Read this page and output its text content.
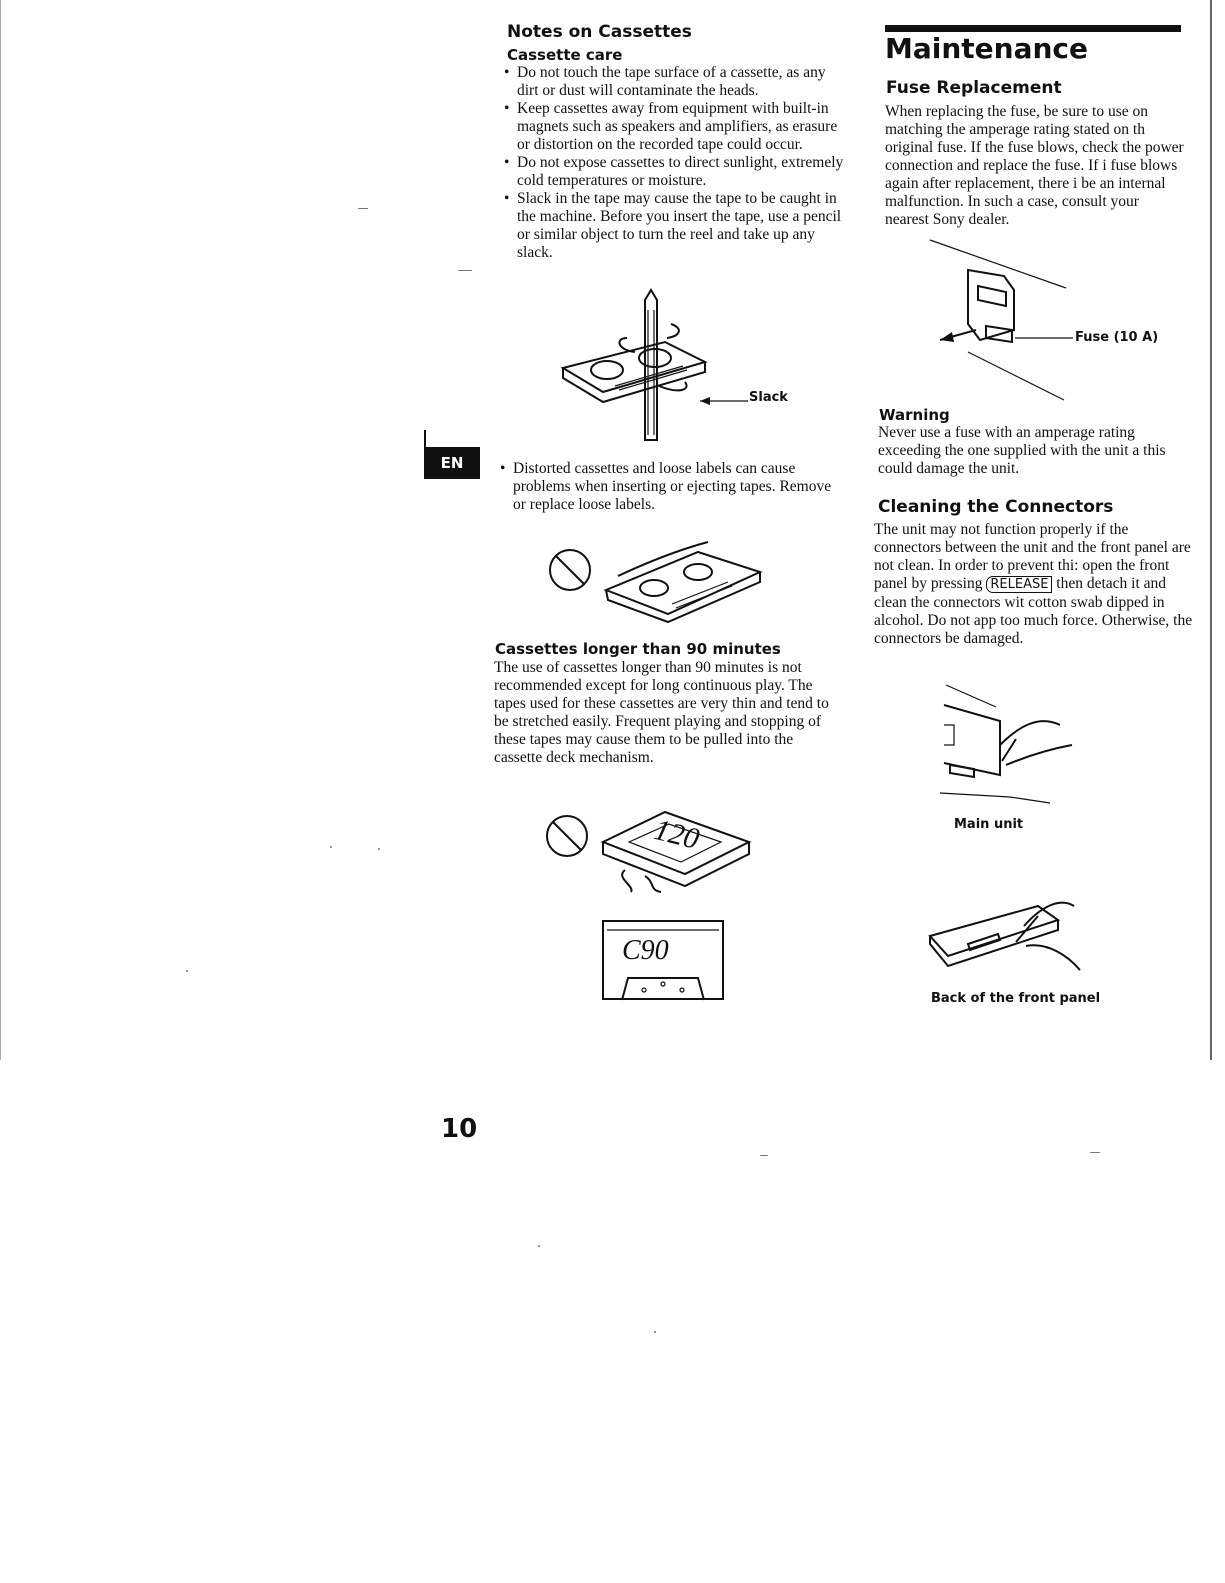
Notes on Cassettes
Cassette care
• Do not touch the tape surface of a cassette, as any dirt or dust will contaminate the heads.
• Keep cassettes away from equipment with built-in magnets such as speakers and amplifiers, as erasure or distortion on the recorded tape could occur.
• Do not expose cassettes to direct sunlight, extremely cold temperatures or moisture.
• Slack in the tape may cause the tape to be caught in the machine. Before you insert the tape, use a pencil or similar object to turn the reel and take up any slack.
Slack
EN
•	Distorted cassettes and loose labels can cause problems when inserting or ejecting tapes. Remove or replace loose labels.
Cassettes longer than 90 minutes

The use of cassettes longer than 90 minutes is not recommended except for long continuous play. The tapes used for these cassettes are very thin and tend to be stretched easily. Frequent playing and stopping of these tapes may cause them to be pulled into the cassette deck mechanism.

120
C90
10
Maintenance
Fuse Replacement

When replacing the fuse, be sure to use on matching the amperage rating stated on th original fuse. If the fuse blows, check the power connection and replace the fuse. If i fuse blows again after replacement, there i be an internal malfunction. In such a case, consult your nearest Sony dealer.

Fuse (10 A)
Warning

Never use a fuse with an amperage rating exceeding the one supplied with the unit a this could damage the unit.

Cleaning the Connectors

The unit may not function properly if the connectors between the unit and the front panel are not clean. In order to prevent thi: open the front panel by pressing RELEASE then detach it and clean the connectors wit cotton swab dipped in alcohol. Do not app too much force. Otherwise, the connectors be damaged.

Main unit
Back of the front panel
